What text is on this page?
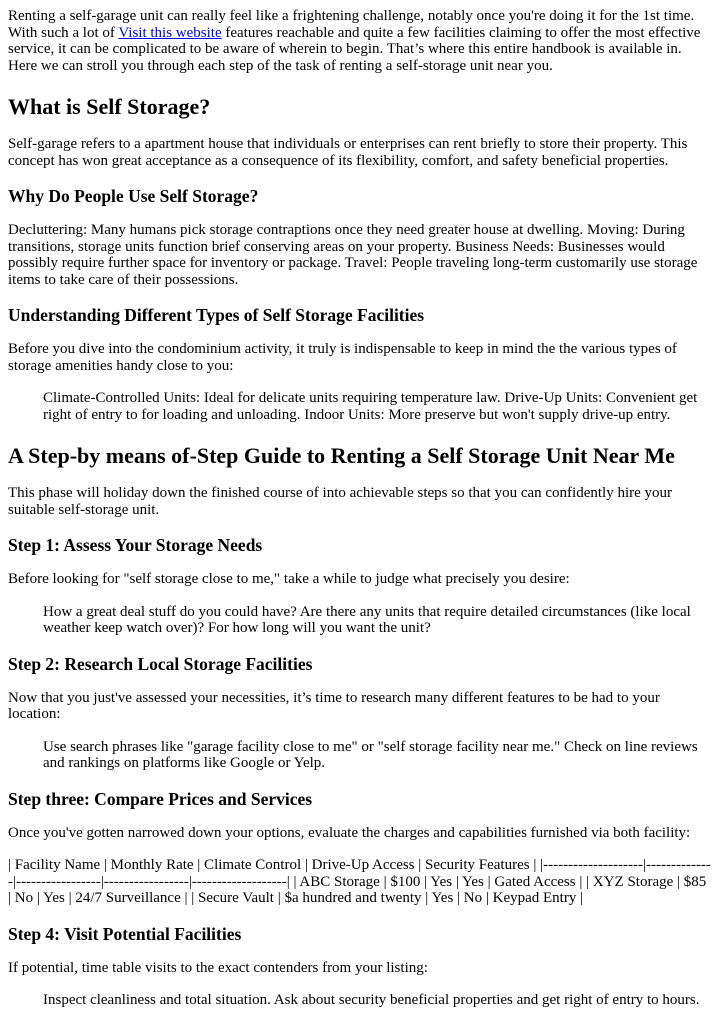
Renting a self-garage unit can really feel like a frightening challenge, notably once you're doing it for the 1st time. With such a lot of Visit this website features reachable and quite a few facilities claiming to offer the most effective service, it can be complicated to be aware of wherein to begin. That’s where this entire handbook is available in. Here we can stroll you through each step of the task of renting a self-storage unit near you.

What is Self Storage?

Self-garage refers to a apartment house that individuals or enterprises can rent briefly to store their property. This concept has won great acceptance as a consequence of its flexibility, comfort, and safety beneficial properties.

Why Do People Use Self Storage?

Decluttering: Many humans pick storage contraptions once they need greater house at dwelling. Moving: During transitions, storage units function brief conserving areas on your property. Business Needs: Businesses would possibly require further space for inventory or package. Travel: People traveling long-term customarily use storage items to take care of their possessions.

Understanding Different Types of Self Storage Facilities

Before you dive into the condominium activity, it truly is indispensable to keep in mind the the various types of storage amenities handy close to you:

Climate-Controlled Units: Ideal for delicate units requiring temperature law. Drive-Up Units: Convenient get right of entry to for loading and unloading. Indoor Units: More preserve but won't supply drive-up entry.
A Step-by means of-Step Guide to Renting a Self Storage Unit Near Me

This phase will holiday down the finished course of into achievable steps so that you can confidently hire your suitable self-storage unit.

Step 1: Assess Your Storage Needs

Before looking for "self storage close to me," take a while to judge what precisely you desire:

How a great deal stuff do you could have? Are there any units that require detailed circumstances (like local weather keep watch over)? For how long will you want the unit?
Step 2: Research Local Storage Facilities

Now that you just've assessed your necessities, it’s time to research many different features to be had to your location:

Use search phrases like "garage facility close to me" or "self storage facility near me." Check on line reviews and rankings on platforms like Google or Yelp.
Step three: Compare Prices and Services

Once you've gotten narrowed down your options, evaluate the charges and capabilities furnished via both facility:

| Facility Name | Monthly Rate | Climate Control | Drive-Up Access | Security Features | |--------------------|--------------|-----------------|-----------------|-------------------| | ABC Storage | $100 | Yes | Yes | Gated Access | | XYZ Storage | $85 | No | Yes | 24/7 Surveillance | | Secure Vault | $a hundred and twenty | Yes | No | Keypad Entry |

Step 4: Visit Potential Facilities

If potential, time table visits to the exact contenders from your listing:

Inspect cleanliness and total situation. Ask about security beneficial properties and get right of entry to hours.
